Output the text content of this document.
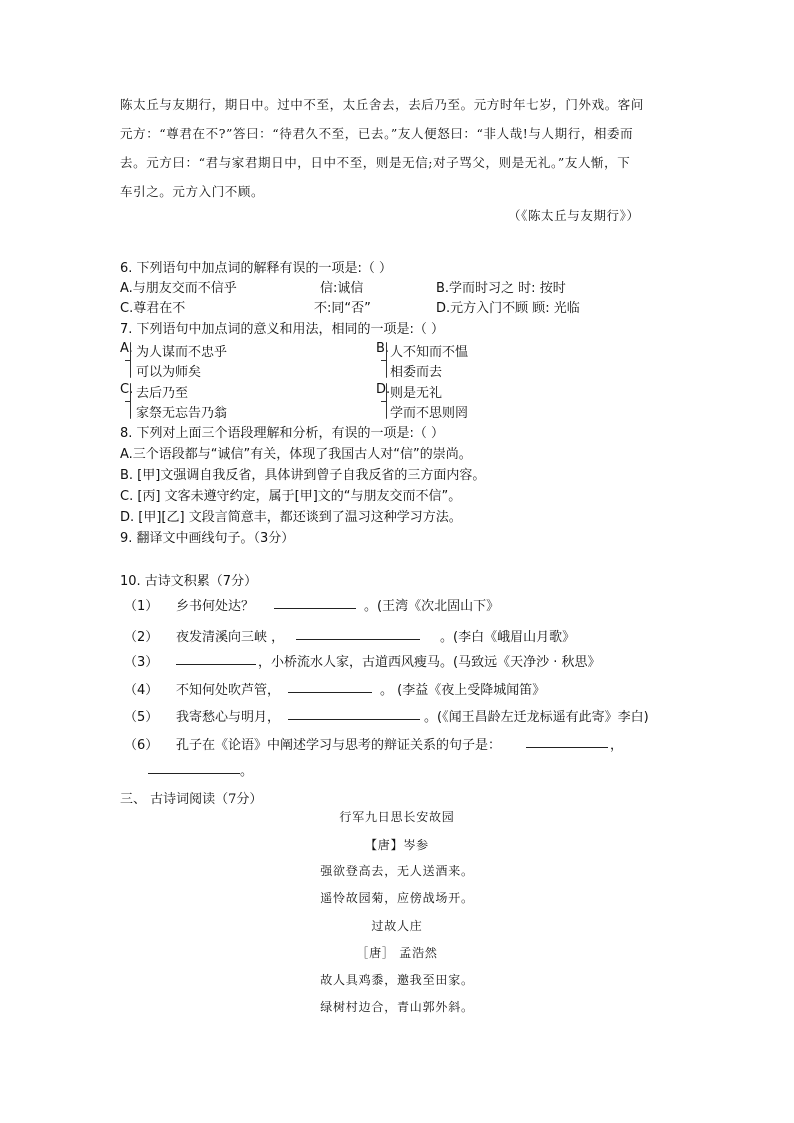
陈太丘与友期行，期日中。过中不至，太丘舍去，去后乃至。元方时年七岁，门外戏。客问
元方：“尊君在不?”答曰：“待君久不至，已去。”友人便怒曰：“非人哉!与人期行，相委而
去。元方曰：“君与家君期日中，日中不至，则是无信;对子骂父，则是无礼。”友人惭，下
车引之。元方入门不顾。
（《陈太丘与友期行》）
6. 下列语句中加点词的解释有误的一项是:（ ）
A.与朋友交而不信乎	信:诚信	B.学而时习之 时: 按时
C.尊君在不	不:同“否”	D.元方入门不顾 顾: 光临
7. 下列语句中加点词的意义和用法，相同的一项是:（ ）
A. 为人谋而不忠乎
可以为师矣
B. 人不知而不愠
相委而去
C. 去后乃至
家祭无忘告乃翁
D. 则是无礼
学而不思则罔
8. 下列对上面三个语段理解和分析，有误的一项是:（ ）
A.三个语段都与“诚信”有关，体现了我国古人对“信”的崇尚。
B. [甲]文强调自我反省，具体讲到曾子自我反省的三方面内容。
C. [丙] 文客未遵守约定，属于[甲]文的“与朋友交而不信”。
D. [甲][乙] 文段言简意丰，都还谈到了温习这种学习方法。
9. 翻译文中画线句子。（3分）
10. 古诗文积累（7分）
（1） 乡书何处达？	。(王湾《次北固山下》
（2） 夜发清溪向三峡 ，	。(李白《峨眉山月歌》
（3）	，小桥流水人家，古道西风瘦马。(马致远《天净沙 · 秋思》
（4） 不知何处吹芦管，	。 (李益《夜上受降城闻笛》
（5） 我寄愁心与明月，	。(《闻王昌龄左迁龙标遥有此寄》李白)
（6） 孔子在《论语》中阐述学习与思考的辩证关系的句子是：	，
。
三、 古诗词阅读（7分）
行军九日思长安故园
【唐】岑参
强欲登高去，无人送酒来。
遥怜故园菊，应傍战场开。
过故人庄
［唐］ 孟浩然
故人具鸡黍，邀我至田家。
绿树村边合，青山郭外斜。
